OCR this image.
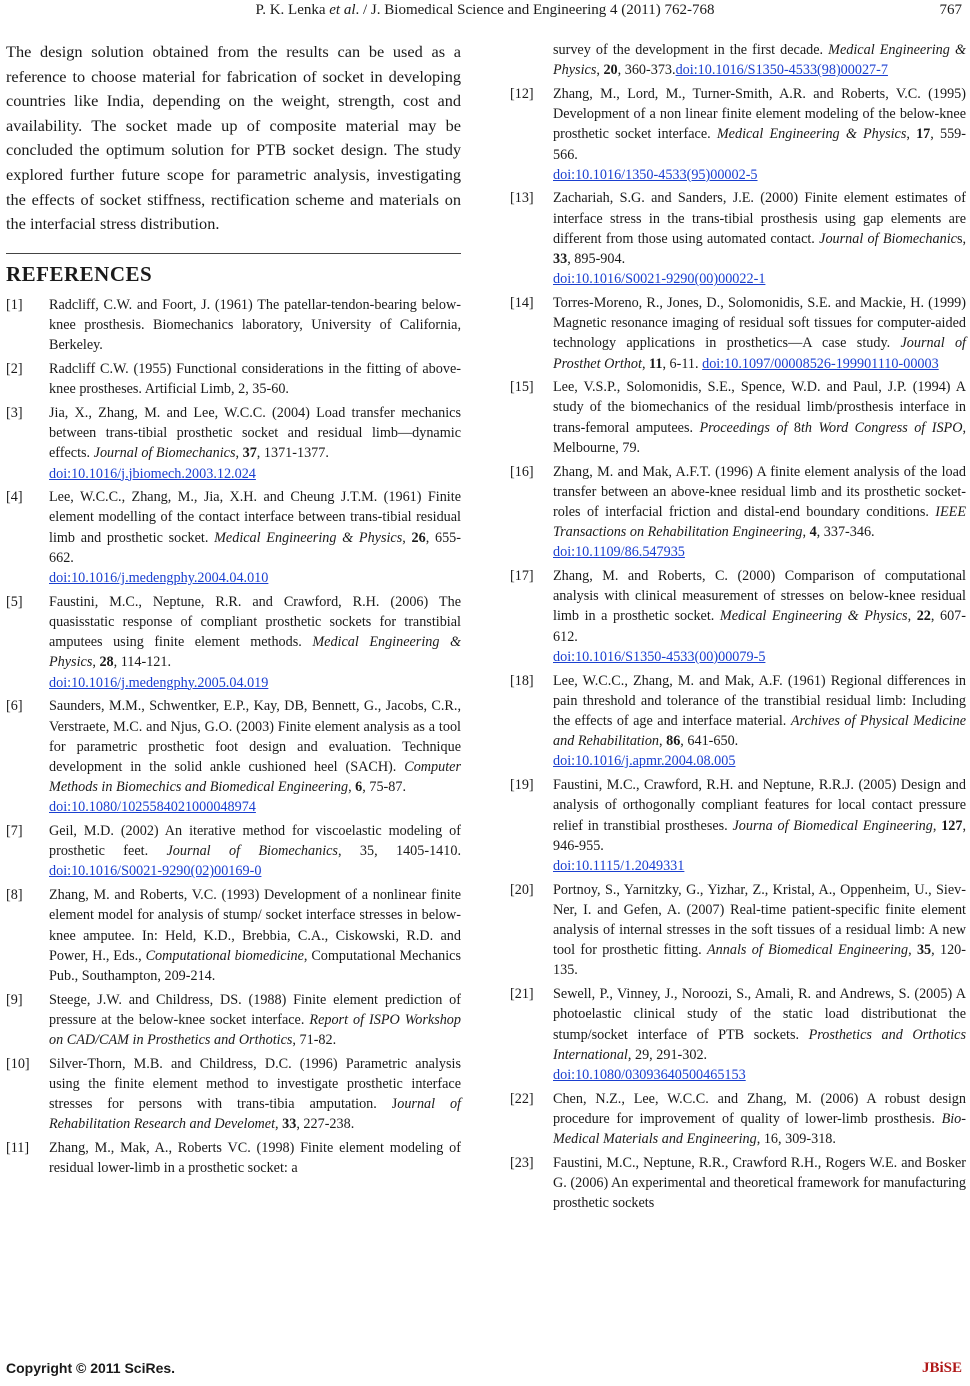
P. K. Lenka et al. / J. Biomedical Science and Engineering 4 (2011) 762-768	767

The design solution obtained from the results can be used as a reference to choose material for fabrication of socket in developing countries like India, depending on the weight, strength, cost and availability. The socket made up of composite material may be concluded the optimum solution for PTB socket design. The study explored further future scope for parametric analysis, investigating the effects of socket stiffness, rectification scheme and materials on the interfacial stress distribution.

REFERENCES
[1] Radcliff, C.W. and Foort, J. (1961) The patellar-tendon-bearing below-knee prosthesis. Biomechanics laboratory, University of California, Berkeley.
[2] Radcliff C.W. (1955) Functional considerations in the fitting of above-knee prostheses. Artificial Limb, 2, 35-60.
[3] Jia, X., Zhang, M. and Lee, W.C.C. (2004) Load transfer mechanics between trans-tibial prosthetic socket and residual limb—dynamic effects. Journal of Biomechanics, 37, 1371-1377.
doi:10.1016/j.jbiomech.2003.12.024
[4] Lee, W.C.C., Zhang, M., Jia, X.H. and Cheung J.T.M. (1961) Finite element modelling of the contact interface between trans-tibial residual limb and prosthetic socket. Medical Engineering & Physics, 26, 655-662.
doi:10.1016/j.medengphy.2004.04.010
[5] Faustini, M.C., Neptune, R.R. and Crawford, R.H. (2006) The quasisstatic response of compliant prosthetic sockets for transtibial amputees using finite element methods. Medical Engineering & Physics, 28, 114-121.
doi:10.1016/j.medengphy.2005.04.019
[6] Saunders, M.M., Schwentker, E.P., Kay, DB, Bennett, G., Jacobs, C.R., Verstraete, M.C. and Njus, G.O. (2003) Finite element analysis as a tool for parametric prosthetic foot design and evaluation. Technique development in the solid ankle cushioned heel (SACH). Computer Methods in Biomechics and Biomedical Engineering, 6, 75-87.
doi:10.1080/1025584021000048974
[7] Geil, M.D. (2002) An iterative method for viscoelastic modeling of prosthetic feet. Journal of Biomechanics, 35, 1405-1410. doi:10.1016/S0021-9290(02)00169-0
[8] Zhang, M. and Roberts, V.C. (1993) Development of a nonlinear finite element model for analysis of stump/ socket interface stresses in below-knee amputee. In: Held, K.D., Brebbia, C.A., Ciskowski, R.D. and Power, H., Eds., Computational biomedicine, Computational Mechanics Pub., Southampton, 209-214.
[9] Steege, J.W. and Childress, DS. (1988) Finite element prediction of pressure at the below-knee socket interface. Report of ISPO Workshop on CAD/CAM in Prosthetics and Orthotics, 71-82.
[10] Silver-Thorn, M.B. and Childress, D.C. (1996) Parametric analysis using the finite element method to investigate prosthetic interface stresses for persons with trans-tibia amputation. Journal of Rehabilitation Research and Develomet, 33, 227-238.
[11] Zhang, M., Mak, A., Roberts VC. (1998) Finite element modeling of residual lower-limb in a prosthetic socket: a
survey of the development in the first decade. Medical Engineering & Physics, 20, 360-373.doi:10.1016/S1350-4533(98)00027-7
[12] Zhang, M., Lord, M., Turner-Smith, A.R. and Roberts, V.C. (1995) Development of a non linear finite element modeling of the below-knee prosthetic socket interface. Medical Engineering & Physics, 17, 559-566.
doi:10.1016/1350-4533(95)00002-5
[13] Zachariah, S.G. and Sanders, J.E. (2000) Finite element estimates of interface stress in the trans-tibial prosthesis using gap elements are different from those using automated contact. Journal of Biomechanics, 33, 895-904.
doi:10.1016/S0021-9290(00)00022-1
[14] Torres-Moreno, R., Jones, D., Solomonidis, S.E. and Mackie, H. (1999) Magnetic resonance imaging of residual soft tissues for computer-aided technology applications in prosthetics—A case study. Journal of Prosthet Orthot, 11, 6-11. doi:10.1097/00008526-199901110-00003
[15] Lee, V.S.P., Solomonidis, S.E., Spence, W.D. and Paul, J.P. (1994) A study of the biomechanics of the residual limb/prosthesis interface in trans-femoral amputees. Proceedings of 8th Word Congress of ISPO, Melbourne, 79.
[16] Zhang, M. and Mak, A.F.T. (1996) A finite element analysis of the load transfer between an above-knee residual limb and its prosthetic socket-roles of interfacial friction and distal-end boundary conditions. IEEE Transactions on Rehabilitation Engineering, 4, 337-346.
doi:10.1109/86.547935
[17] Zhang, M. and Roberts, C. (2000) Comparison of computational analysis with clinical measurement of stresses on below-knee residual limb in a prosthetic socket. Medical Engineering & Physics, 22, 607-612.
doi:10.1016/S1350-4533(00)00079-5
[18] Lee, W.C.C., Zhang, M. and Mak, A.F. (1961) Regional differences in pain threshold and tolerance of the transtibial residual limb: Including the effects of age and interface material. Archives of Physical Medicine and Rehabilitation, 86, 641-650.
doi:10.1016/j.apmr.2004.08.005
[19] Faustini, M.C., Crawford, R.H. and Neptune, R.R.J. (2005) Design and analysis of orthogonally compliant features for local contact pressure relief in transtibial prostheses. Journa of Biomedical Engineering, 127, 946-955.
doi:10.1115/1.2049331
[20] Portnoy, S., Yarnitzky, G., Yizhar, Z., Kristal, A., Oppenheim, U., Siev-Ner, I. and Gefen, A. (2007) Real-time patient-specific finite element analysis of internal stresses in the soft tissues of a residual limb: A new tool for prosthetic fitting. Annals of Biomedical Engineering, 35, 120-135.
[21] Sewell, P., Vinney, J., Noroozi, S., Amali, R. and Andrews, S. (2005) A photoelastic clinical study of the static load distributionat the stump/socket interface of PTB sockets. Prosthetics and Orthotics International, 29, 291-302.
doi:10.1080/03093640500465153
[22] Chen, N.Z., Lee, W.C.C. and Zhang, M. (2006) A robust design procedure for improvement of quality of lower-limb prosthesis. Bio-Medical Materials and Engineering, 16, 309-318.
[23] Faustini, M.C., Neptune, R.R., Crawford R.H., Rogers W.E. and Bosker G. (2006) An experimental and theoretical framework for manufacturing prosthetic sockets
Copyright © 2011 SciRes.	JBiSE
